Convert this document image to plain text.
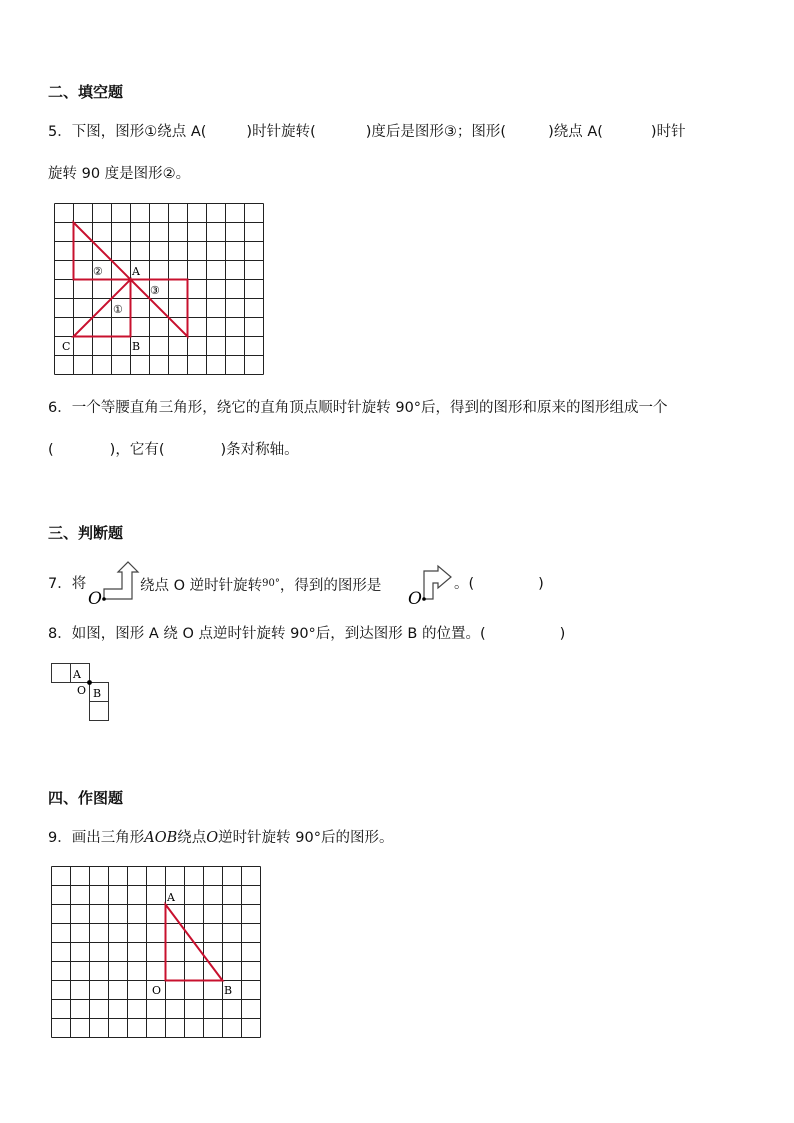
二、填空题
5．下图，图形①绕点 A(	)时针旋转(	)度后是图形③；图形(	)绕点 A(	)时针
旋转 90 度是图形②。
②
①
③
A
B
C
6．一个等腰直角三角形，绕它的直角顶点顺时针旋转 90°后，得到的图形和原来的图形组成一个
(	)，它有(	)条对称轴。
三、判断题
7．将
O
绕点 O 逆时针旋转$^{90^\circ}$，得到的图形是
O
。(	)
8．如图，图形 A 绕 O 点逆时针旋转 90°后，到达图形 B 的位置。(	)
A
O B
四、作图题
9．画出三角形AOB绕点O逆时针旋转 90°后的图形。
A
O	B
